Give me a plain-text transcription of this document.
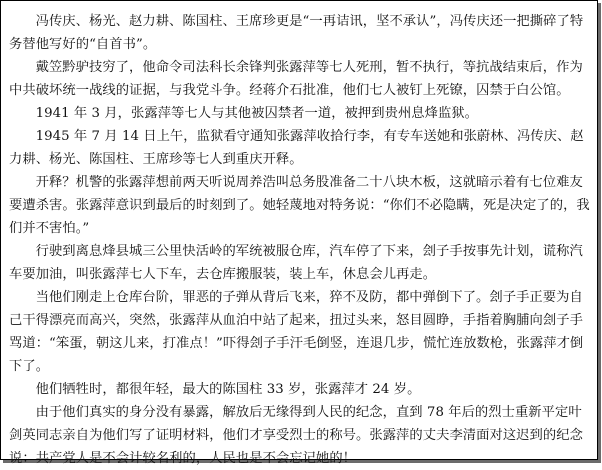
冯传庆、杨光、赵力耕、陈国柱、王席珍更是“一再诘讯，坚不承认”，冯传庆还一把撕碎了特务替他写好的“自首书”。

戴笠黔驴技穷了，他命令司法科长余锋判张露萍等七人死刑，暂不执行，等抗战结束后，作为中共破坏统一战线的证据，与我党斗争。经蒋介石批准，他们七人被钉上死镣，囚禁于白公馆。

1941 年 3 月，张露萍等七人与其他被囚禁者一道，被押到贵州息烽监狱。

1945 年 7 月 14 日上午，监狱看守通知张露萍收拾行李，有专车送她和张蔚林、冯传庆、赵力耕、杨光、陈国柱、王席珍等七人到重庆开释。

开释？机警的张露萍想前两天听说周养浩叫总务股准备二十八块木板，这就暗示着有七位难友要遭杀害。张露萍意识到最后的时刻到了。她轻蔑地对特务说：“你们不必隐瞒，死是决定了的，我们并不害怕。”

行驶到离息烽县城三公里快活岭的军统被服仓库，汽车停了下来，刽子手按事先计划，谎称汽车要加油，叫张露萍七人下车，去仓库搬服装，装上车，休息会儿再走。

当他们刚走上仓库台阶，罪恶的子弹从背后飞来，猝不及防，都中弹倒下了。刽子手正要为自己干得漂亮而高兴，突然，张露萍从血泊中站了起来，扭过头来，怒目圆睁，手指着胸脯向刽子手骂道：“笨蛋，朝这儿来，打准点！”吓得刽子手汗毛倒竖，连退几步，慌忙连放数枪，张露萍才倒下了。

他们牺牲时，都很年轻，最大的陈国柱 33 岁，张露萍才 24 岁。

由于他们真实的身分没有暴露，解放后无缘得到人民的纪念，直到 78 年后的烈士重新平定叶剑英同志亲自为他们写了证明材料，他们才享受烈士的称号。张露萍的丈夫李清面对这迟到的纪念说：共产党人是不会计较名利的，人民也是不会忘记她的！
